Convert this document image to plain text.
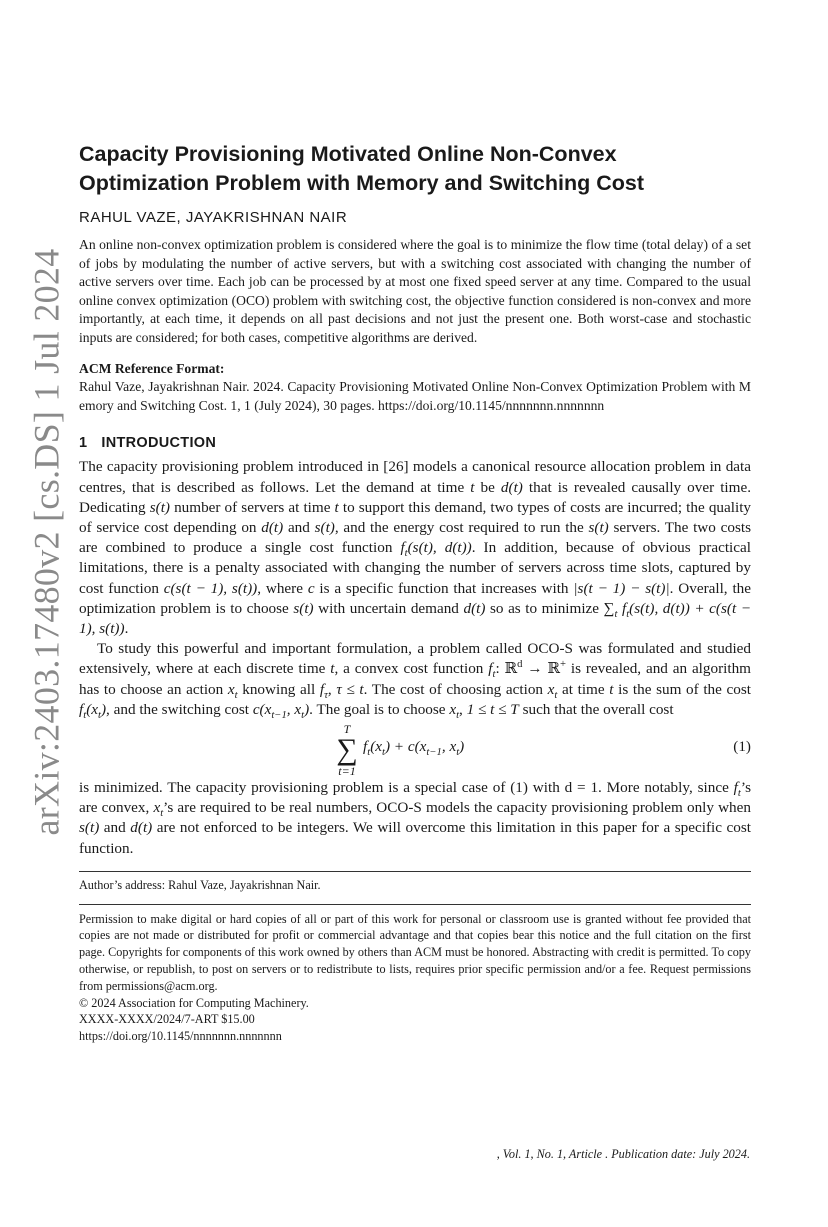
arXiv:2403.17480v2 [cs.DS] 1 Jul 2024
Capacity Provisioning Motivated Online Non-Convex
Optimization Problem with Memory and Switching Cost

RAHUL VAZE, JAYAKRISHNAN NAIR

An online non-convex optimization problem is considered where the goal is to minimize the flow time (total delay) of a set of jobs by modulating the number of active servers, but with a switching cost associated with changing the number of active servers over time. Each job can be processed by at most one fixed speed server at any time. Compared to the usual online convex optimization (OCO) problem with switching cost, the objective function considered is non-convex and more importantly, at each time, it depends on all past decisions and not just the present one. Both worst-case and stochastic inputs are considered; for both cases, competitive algorithms are derived.

ACM Reference Format:

Rahul Vaze, Jayakrishnan Nair. 2024. Capacity Provisioning Motivated Online Non-Convex Optimization Problem with Memory and Switching Cost. 1, 1 (July 2024), 30 pages. https://doi.org/10.1145/nnnnnnn.nnnnnnn

1 INTRODUCTION

The capacity provisioning problem introduced in [26] models a canonical resource allocation problem in data centres, that is described as follows. Let the demand at time t be d(t) that is revealed causally over time. Dedicating s(t) number of servers at time t to support this demand, two types of costs are incurred; the quality of service cost depending on d(t) and s(t), and the energy cost required to run the s(t) servers. The two costs are combined to produce a single cost function $f_t(s(t)$, d(t)). In addition, because of obvious practical limitations, there is a penalty associated with changing the number of servers across time slots, captured by cost function c(s(t − 1), s(t)), where c is a specific function that increases with |s(t − 1) − s(t)|. Overall, the optimization problem is to choose s(t) with uncertain demand d(t) so as to minimize $\sum_t$ $f_t(s(t)$, d(t)) + c(s(t − 1), s(t)).

To study this powerful and important formulation, a problem called OCO-S was formulated and studied extensively, where at each discrete time t, a convex cost function $f_t$: ℝ$^d$ → ℝ+ is revealed, and an algorithm has to choose an action $x_t$ knowing all $f_\tau$, τ ≤ t. The cost of choosing action $x_t$ at time t is the sum of the cost $f_t(x_t)$, and the switching cost $c(x_{t-1}$, $x_t$). The goal is to choose $x_t$, 1 ≤ t ≤ T such that the overall cost

T
∑
t=1
$f_t(x_t) + c(x_{t-1}$, $x_t$)	(1)

is minimized. The capacity provisioning problem is a special case of (1) with d = 1. More notably, since $f_t’s$ are convex, $x_t’s$ are required to be real numbers, OCO-S models the capacity provisioning problem only when s(t) and d(t) are not enforced to be integers. We will overcome this limitation in this paper for a specific cost function.

Author’s address: Rahul Vaze, Jayakrishnan Nair.

Permission to make digital or hard copies of all or part of this work for personal or classroom use is granted without fee provided that copies are not made or distributed for profit or commercial advantage and that copies bear this notice and the full citation on the first page. Copyrights for components of this work owned by others than ACM must be honored. Abstracting with credit is permitted. To copy otherwise, or republish, to post on servers or to redistribute to lists, requires prior specific permission and/or a fee. Request permissions from permissions@acm.org.

© 2024 Association for Computing Machinery.

XXXX-XXXX/2024/7-ART $15.00

https://doi.org/10.1145/nnnnnnn.nnnnnnn

, Vol. 1, No. 1, Article . Publication date: July 2024.
